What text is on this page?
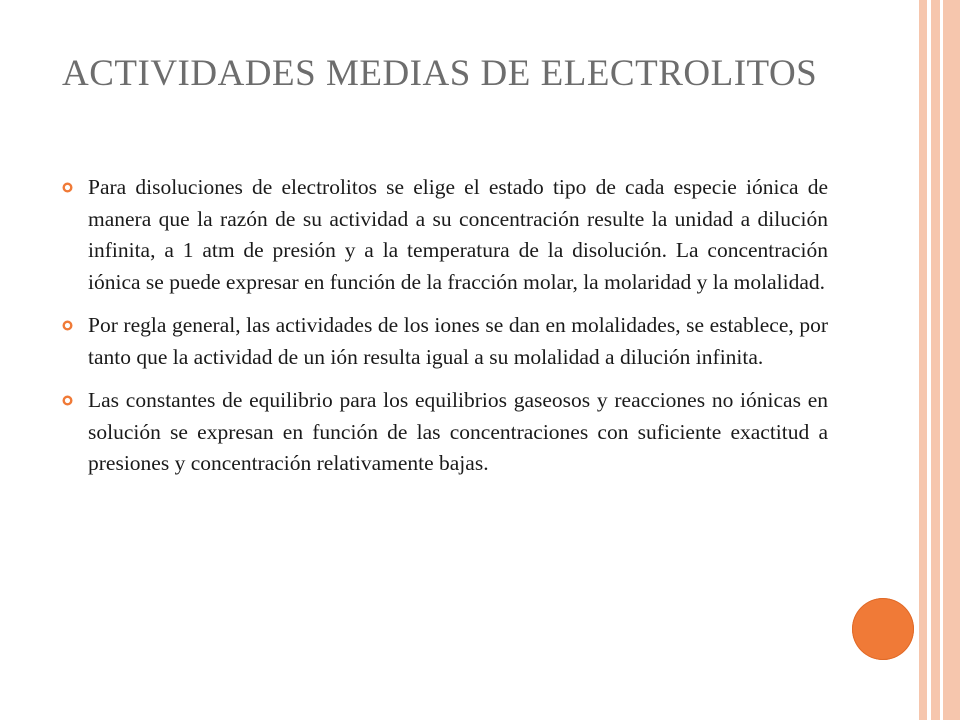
ACTIVIDADES MEDIAS DE ELECTROLITOS
Para disoluciones de electrolitos se elige el estado tipo de cada especie iónica de manera que la razón de su actividad a su concentración resulte la unidad a dilución infinita, a 1 atm de presión y a la temperatura de la disolución. La concentración iónica se puede expresar en función de la fracción molar, la molaridad y la molalidad.
Por regla general, las actividades de los iones se dan en molalidades, se establece, por tanto que la actividad de un ión resulta igual a su molalidad a dilución infinita.
Las constantes de equilibrio para los equilibrios gaseosos y reacciones no iónicas en solución se expresan en función de las concentraciones con suficiente exactitud a presiones y concentración relativamente bajas.
